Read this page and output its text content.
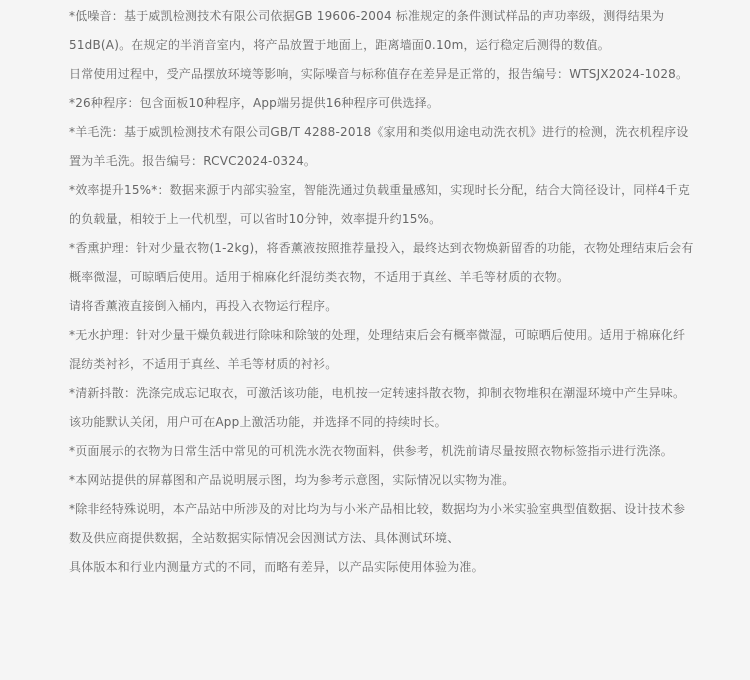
*低噪音：基于威凯检测技术有限公司依据GB 19606-2004 标准规定的条件测试样品的声功率级，测得结果为

51dB(A)。在规定的半消音室内，将产品放置于地面上，距离墙面0.10m，运行稳定后测得的数值。

日常使用过程中，受产品摆放环境等影响，实际噪音与标称值存在差异是正常的，报告编号：WTSJX2024-1028。

*26种程序：包含面板10种程序，App端另提供16种程序可供选择。

*羊毛洗：基于威凯检测技术有限公司GB/T 4288-2018《家用和类似用途电动洗衣机》进行的检测，洗衣机程序设

置为羊毛洗。报告编号：RCVC2024-0324。

*效率提升15%*：数据来源于内部实验室，智能洗通过负载重量感知，实现时长分配，结合大筒径设计，同样4千克

的负载量，相较于上一代机型，可以省时10分钟，效率提升约15%。

*香熏护理：针对少量衣物(1-2kg)，将香薰液按照推荐量投入，最终达到衣物焕新留香的功能，衣物处理结束后会有

概率微湿，可晾晒后使用。适用于棉麻化纤混纺类衣物，不适用于真丝、羊毛等材质的衣物。

请将香薰液直接倒入桶内，再投入衣物运行程序。

*无水护理：针对少量干燥负载进行除味和除皱的处理，处理结束后会有概率微湿，可晾晒后使用。适用于棉麻化纤

混纺类衬衫，不适用于真丝、羊毛等材质的衬衫。

*清新抖散：洗涤完成忘记取衣，可激活该功能，电机按一定转速抖散衣物，抑制衣物堆积在潮湿环境中产生异味。

该功能默认关闭，用户可在App上激活功能，并选择不同的持续时长。

*页面展示的衣物为日常生活中常见的可机洗水洗衣物面料，供参考，机洗前请尽量按照衣物标签指示进行洗涤。

*本网站提供的屏幕图和产品说明展示图，均为参考示意图，实际情况以实物为准。

*除非经特殊说明，本产品站中所涉及的对比均为与小米产品相比较，数据均为小米实验室典型值数据、设计技术参

数及供应商提供数据，全站数据实际情况会因测试方法、具体测试环境、

具体版本和行业内测量方式的不同，而略有差异，以产品实际使用体验为准。
